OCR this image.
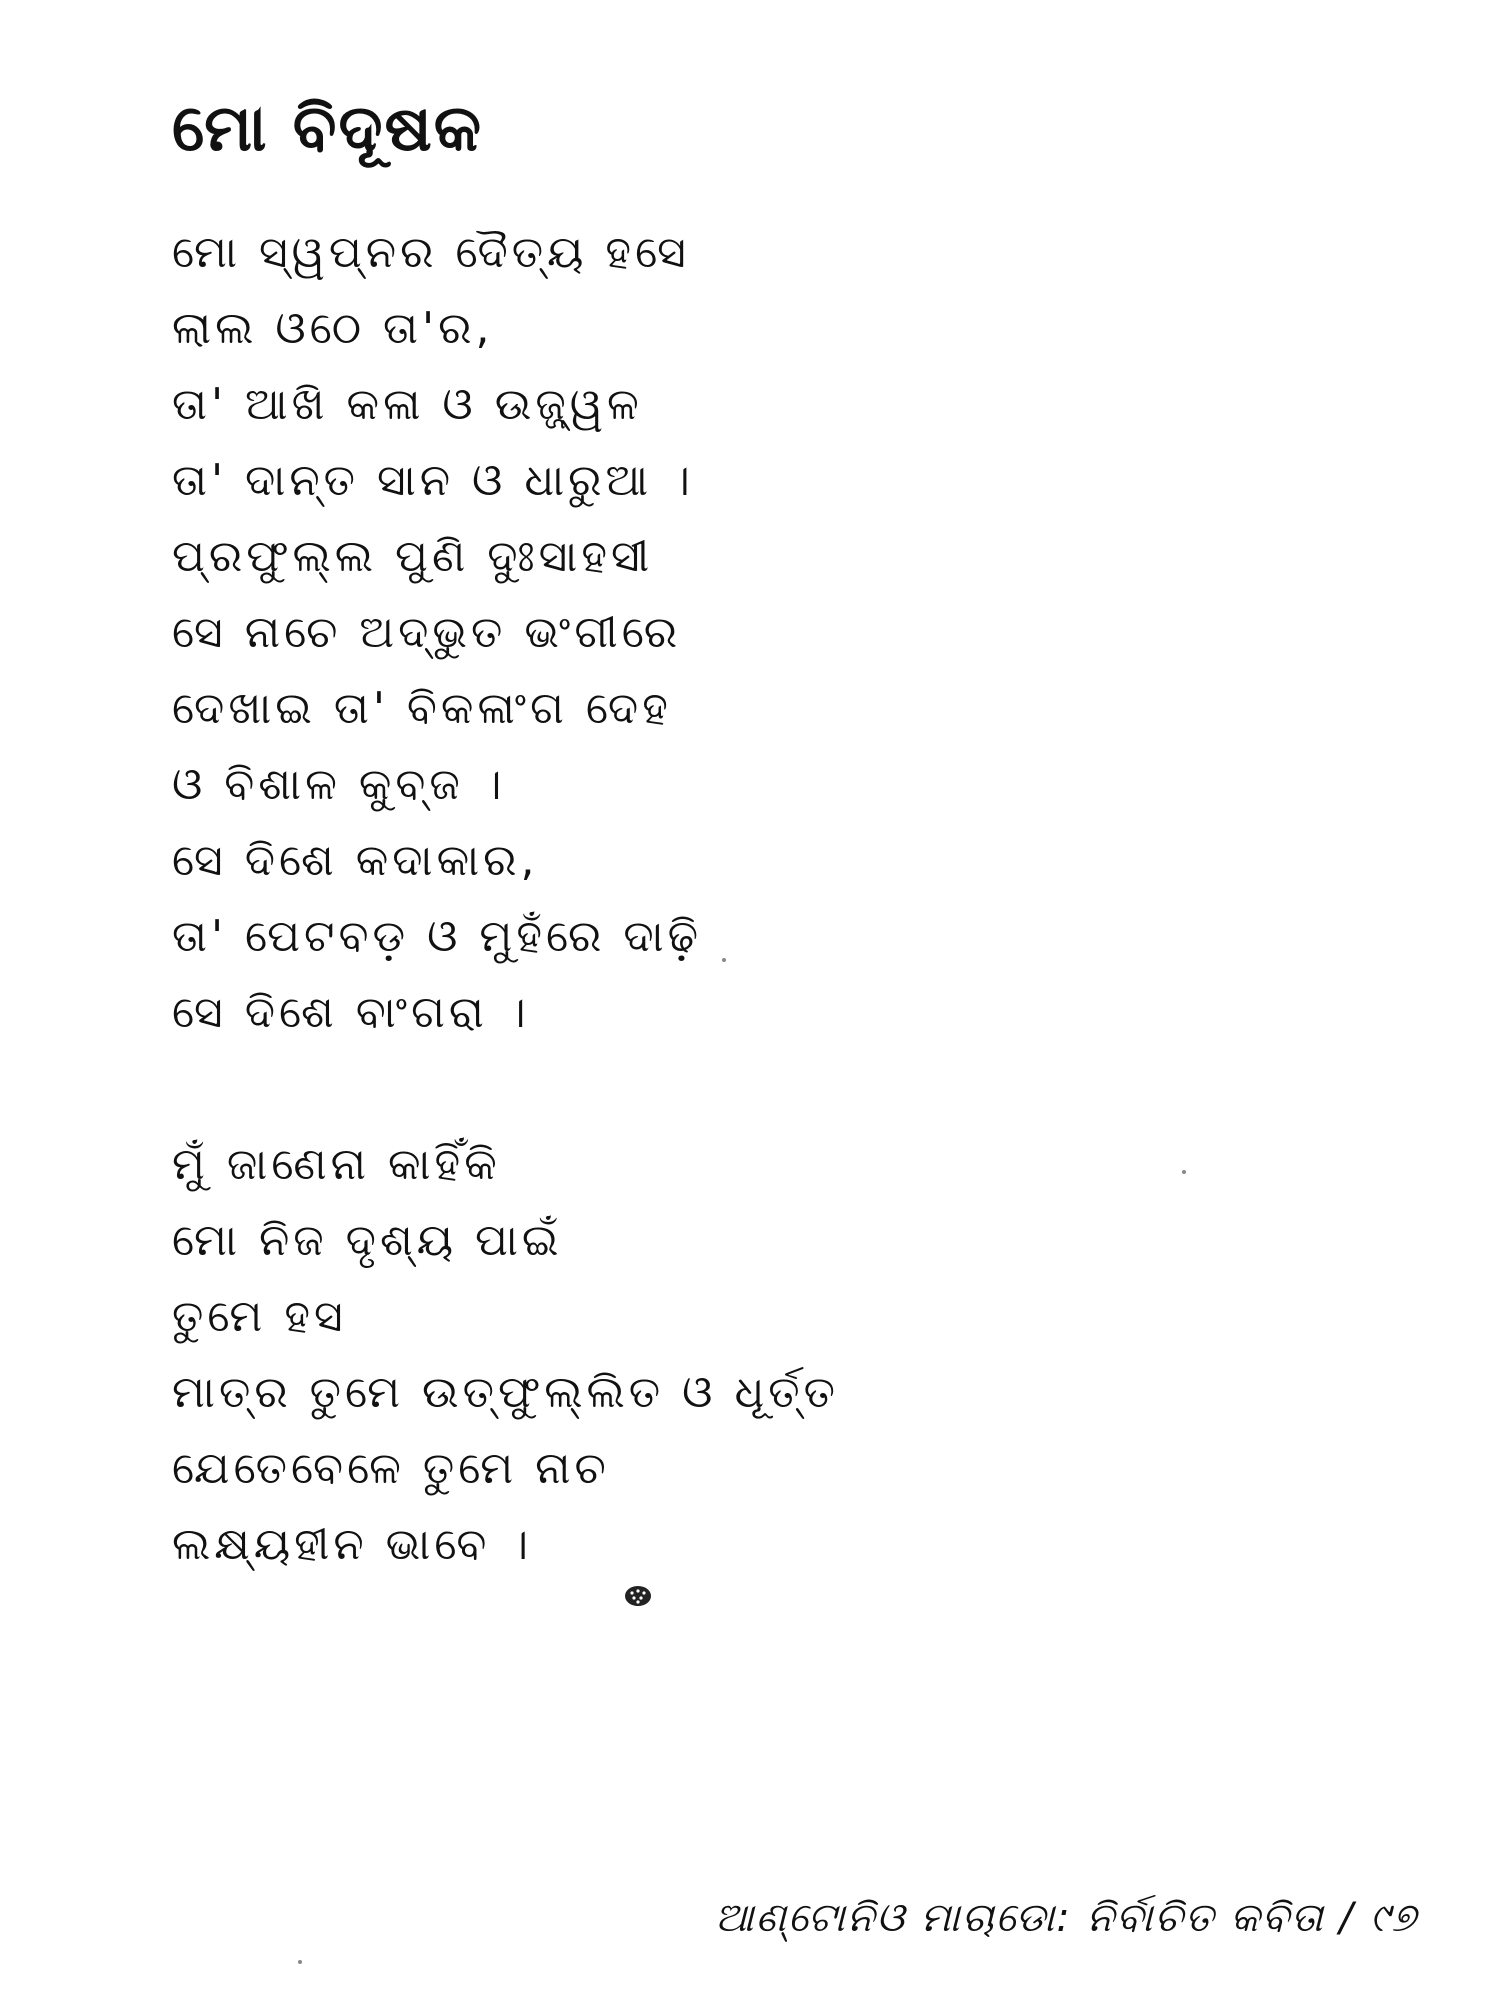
ମୋ ବିଦୂଷକ
ମୋ ସ୍ୱପ୍ନର ଦୈତ୍ୟ ହସେ
ଲାଲ ଓଠେ ତା'ର,
ତା' ଆଖି କଳା ଓ ଉଜ୍ଜ୍ୱଳ
ତା' ଦାନ୍ତ ସାନ ଓ ଧାରୁଆ ।
ପ୍ରଫୁଲ୍ଲ ପୁଣି ଦୁଃସାହସୀ
ସେ ନାଚେ ଅଦ୍ଭୁତ ଭଂଗୀରେ
ଦେଖାଇ ତା' ବିକଳାଂଗ ଦେହ
ଓ ବିଶାଳ କୁବ୍‌ଜ ।
ସେ ଦିଶେ କଦାକାର,
ତା' ପେଟବଡ଼ ଓ ମୁହଁରେ ଦାଢ଼ି
ସେ ଦିଶେ ବାଂଗରା ।
ମୁଁ ଜାଣେନା କାହିଁକି
ମୋ ନିଜ ଦୃଶ୍ୟ ପାଇଁ
ତୁମେ ହସ
ମାତ୍ର ତୁମେ ଉତ୍‌ଫୁଲ୍ଲିତ ଓ ଧୂର୍ତ୍ତ
ଯେତେବେଳେ ତୁମେ ନାଚ
ଲକ୍ଷ୍ୟହୀନ ଭାବେ ।
ଆଣ୍ଟୋନିଓ ମାଚାଡୋ: ନିର୍ବାଚିତ କବିତା / ୯୭
